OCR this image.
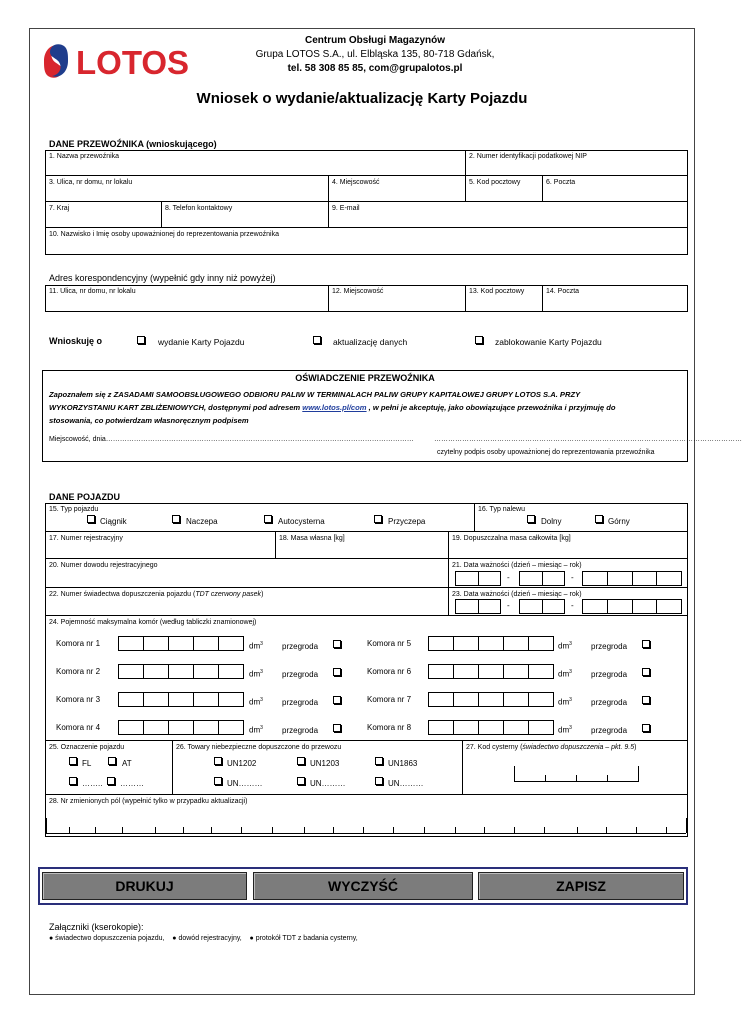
LOTOS
Centrum Obsługi Magazynów
Grupa LOTOS S.A., ul. Elbląska 135, 80-718 Gdańsk,
tel. 58 308 85 85, com@grupalotos.pl
Wniosek o wydanie/aktualizację Karty Pojazdu
DANE PRZEWOŹNIKA (wnioskującego)
1. Nazwa przewoźnika	2. Numer identyfikacji podatkowej NIP
3. Ulica, nr domu, nr lokalu	4. Miejscowość	5. Kod pocztowy	6. Poczta
7. Kraj	8. Telefon kontaktowy	9. E-mail
10. Nazwisko i Imię osoby upoważnionej do reprezentowania przewoźnika
Adres korespondencyjny (wypełnić gdy inny niż powyżej)
11. Ulica, nr domu, nr lokalu	12. Miejscowość	13. Kod pocztowy	14. Poczta
Wnioskuję o	wydanie Karty Pojazdu	aktualizację danych	zablokowanie Karty Pojazdu
OŚWIADCZENIE PRZEWOŹNIKA
Zapoznałem się z ZASADAMI SAMOOBSŁUGOWEGO ODBIORU PALIW W TERMINALACH PALIW GRUPY KAPITAŁOWEJ GRUPY LOTOS S.A. PRZY
WYKORZYSTANIU KART ZBLIŻENIOWYCH, dostępnymi pod adresem www.lotos.pl/com , w pełni je akceptuję, jako obowiązujące przewoźnika i przyjmuję do
stosowania, co potwierdzam własnoręcznym podpisem
Miejscowość, dnia……………………………………………………………………………………………………………………	……………………………………………………………………………………………………………………
czytelny podpis osoby upoważnionej do reprezentowania przewoźnika
DANE POJAZDU
15. Typ pojazdu
Ciągnik	Naczepa	Autocysterna	Przyczepa
16. Typ nalewu
Dolny	Górny
17. Numer rejestracyjny	18. Masa własna [kg]	19. Dopuszczalna masa całkowita [kg]
20. Numer dowodu rejestracyjnego	21. Data ważności (dzień – miesiąc – rok)
-	-
22. Numer świadectwa dopuszczenia pojazdu (TDT czerwony pasek)	23. Data ważności (dzień – miesiąc – rok)
-	-
24. Pojemność maksymalna komór (według tabliczki znamionowej)
Komora nr 1	$dm^3$ przegroda
Komora nr 2	$dm^3$ przegroda
Komora nr 3	$dm^3$ przegroda
Komora nr 4	$dm^3$ przegroda
Komora nr 5	$dm^3$ przegroda
Komora nr 6	$dm^3$ przegroda
Komora nr 7	$dm^3$ przegroda
Komora nr 8	$dm^3$ przegroda
25. Oznaczenie pojazdu
FL	AT
…….. ………
26. Towary niebezpieczne dopuszczone do przewozu
UN1202	UN1203	UN1863
UN………	UN………	UN………
27. Kod cysterny (świadectwo dopuszczenia – pkt. 9.5)
28. Nr zmienionych pól (wypełnić tylko w przypadku aktualizacji)
DRUKUJ	WYCZYŚĆ	ZAPISZ
Załączniki (kserokopie):
● świadectwo dopuszczenia pojazdu,    ● dowód rejestracyjny,    ● protokół TDT z badania cysterny,
